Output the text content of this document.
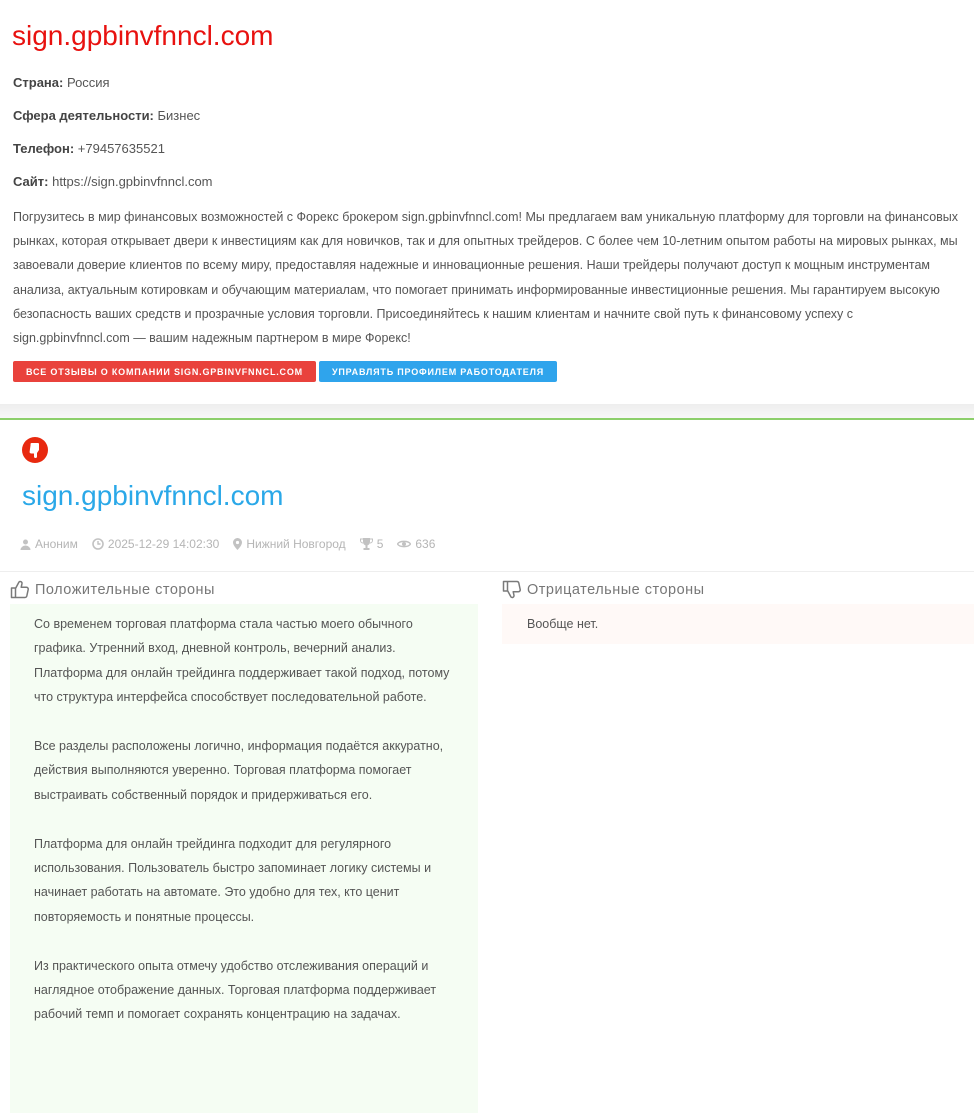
sign.gpbinvfnncl.com
Страна: Россия
Сфера деятельности: Бизнес
Телефон: +79457635521
Сайт: https://sign.gpbinvfnncl.com

Погрузитесь в мир финансовых возможностей с Форекс брокером sign.gpbinvfnncl.com! Мы предлагаем вам уникальную платформу для торговли на финансовых рынках, которая открывает двери к инвестициям как для новичков, так и для опытных трейдеров. С более чем 10-летним опытом работы на мировых рынках, мы завоевали доверие клиентов по всему миру, предоставляя надежные и инновационные решения. Наши трейдеры получают доступ к мощным инструментам анализа, актуальным котировкам и обучающим материалам, что помогает принимать информированные инвестиционные решения. Мы гарантируем высокую безопасность ваших средств и прозрачные условия торговли. Присоединяйтесь к нашим клиентам и начните свой путь к финансовому успеху с sign.gpbinvfnncl.com — вашим надежным партнером в мире Форекс!

ВСЕ ОТЗЫВЫ О КОМПАНИИ SIGN.GPBINVFNNCL.COM	УПРАВЛЯТЬ ПРОФИЛЕМ РАБОТОДАТЕЛЯ
sign.gpbinvfnncl.com
Аноним	2025-12-29 14:02:30 Нижний Новгород	5	636
Положительные стороны	Отрицательные стороны

Со временем торговая платформа стала частью моего обычного графика. Утренний вход, дневной контроль, вечерний анализ. Платформа для онлайн трейдинга поддерживает такой подход, потому что структура интерфейса способствует последовательной работе.

Все разделы расположены логично, информация подаётся аккуратно, действия выполняются уверенно. Торговая платформа помогает выстраивать собственный порядок и придерживаться его.

Платформа для онлайн трейдинга подходит для регулярного использования. Пользователь быстро запоминает логику системы и начинает работать на автомате. Это удобно для тех, кто ценит повторяемость и понятные процессы.

Из практического опыта отмечу удобство отслеживания операций и наглядное отображение данных. Торговая платформа поддерживает рабочий темп и помогает сохранять концентрацию на задачах.

Вообще нет.
